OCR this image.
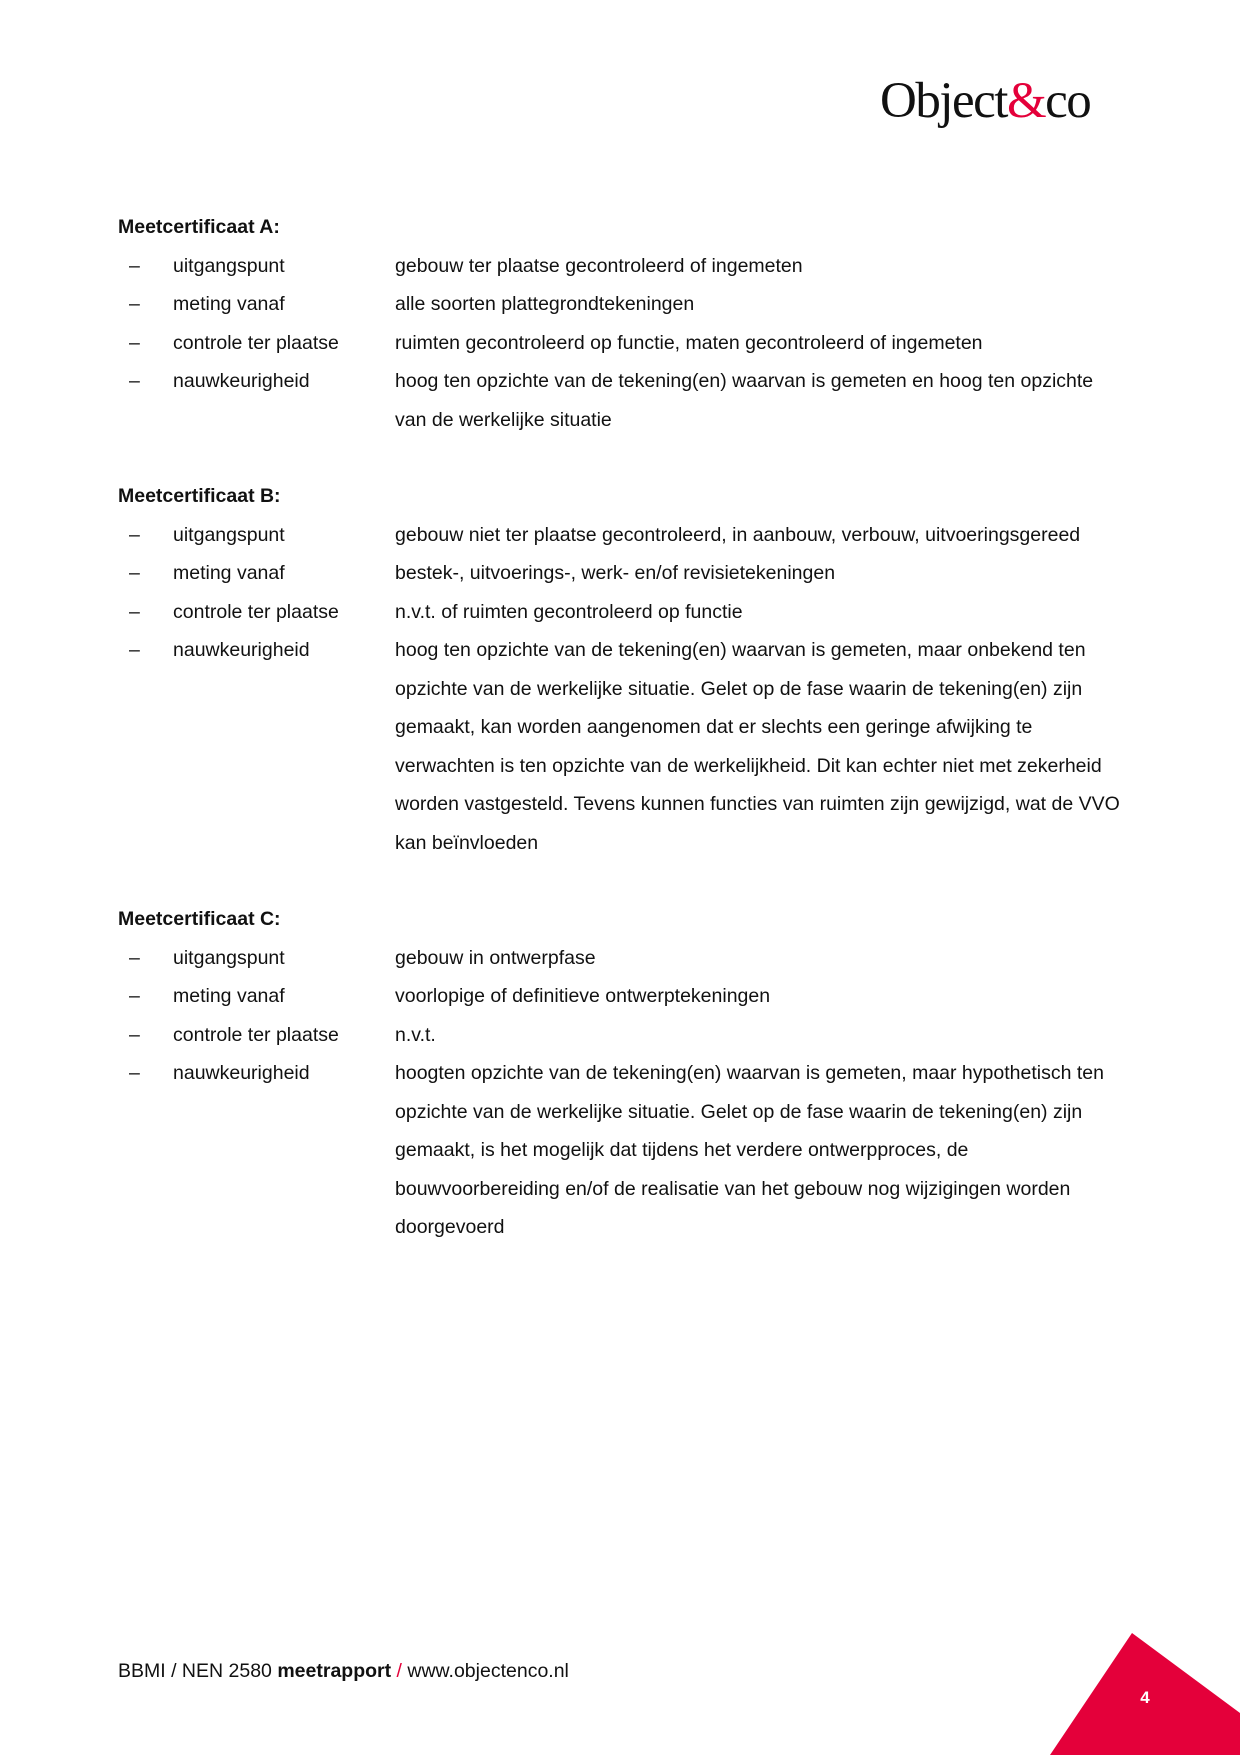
Object&co
Meetcertificaat A:
–	uitgangspunt	gebouw ter plaatse gecontroleerd of ingemeten
–	meting vanaf	alle soorten plattegrondtekeningen
–	controle ter plaatse	ruimten gecontroleerd op functie, maten gecontroleerd of ingemeten
–	nauwkeurigheid	hoog ten opzichte van de tekening(en) waarvan is gemeten en hoog ten opzichte van de werkelijke situatie
Meetcertificaat B:
–	uitgangspunt	gebouw niet ter plaatse gecontroleerd, in aanbouw, verbouw, uitvoeringsgereed
–	meting vanaf	bestek-, uitvoerings-, werk- en/of revisietekeningen
–	controle ter plaatse	n.v.t. of ruimten gecontroleerd op functie
–	nauwkeurigheid	hoog ten opzichte van de tekening(en) waarvan is gemeten, maar onbekend ten opzichte van de werkelijke situatie. Gelet op de fase waarin de tekening(en) zijn gemaakt, kan worden aangenomen dat er slechts een geringe afwijking te verwachten is ten opzichte van de werkelijkheid. Dit kan echter niet met zekerheid worden vastgesteld. Tevens kunnen functies van ruimten zijn gewijzigd, wat de VVO kan beïnvloeden
Meetcertificaat C:
–	uitgangspunt	gebouw in ontwerpfase
–	meting vanaf	voorlopige of definitieve ontwerptekeningen
–	controle ter plaatse	n.v.t.
–	nauwkeurigheid	hoogten opzichte van de tekening(en) waarvan is gemeten, maar hypothetisch ten opzichte van de werkelijke situatie. Gelet op de fase waarin de tekening(en) zijn gemaakt, is het mogelijk dat tijdens het verdere ontwerpproces, de bouwvoorbereiding en/of de realisatie van het gebouw nog wijzigingen worden doorgevoerd
BBMI / NEN 2580 meetrapport / www.objectenco.nl
4
